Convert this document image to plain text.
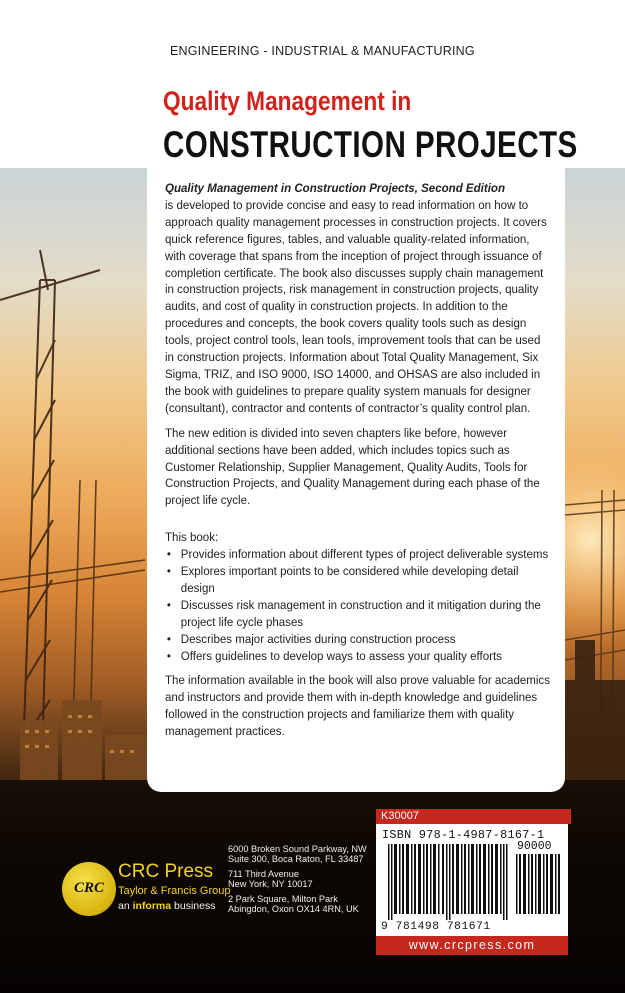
ENGINEERING - INDUSTRIAL & MANUFACTURING
Quality Management in
CONSTRUCTION PROJECTS
Quality Management in Construction Projects, Second Edition
is developed to provide concise and easy to read information on how to approach quality management processes in construction projects. It covers quick reference figures, tables, and valuable quality-related information, with coverage that spans from the inception of project through issuance of completion certificate. The book also discusses supply chain management in construction projects, risk management in construction projects, quality audits, and cost of quality in construction projects. In addition to the procedures and concepts, the book covers quality tools such as design tools, project control tools, lean tools, improvement tools that can be used in construction projects. Information about Total Quality Management, Six Sigma, TRIZ, and ISO 9000, ISO 14000, and OHSAS are also included in the book with guidelines to prepare quality system manuals for designer (consultant), contractor and contents of contractor’s quality control plan.
The new edition is divided into seven chapters like before, however additional sections have been added, which includes topics such as Customer Relationship, Supplier Management, Quality Audits, Tools for Construction Projects, and Quality Management during each phase of the project life cycle.
This book:
• Provides information about different types of project deliverable systems
• Explores important points to be considered while developing detail design
• Discusses risk management in construction and it mitigation during the project life cycle phases
• Describes major activities during construction process
• Offers guidelines to develop ways to assess your quality efforts
The information available in the book will also prove valuable for academics and instructors and provide them with in-depth knowledge and guidelines followed in the construction projects and familiarize them with quality management practices.
CRC
CRC Press
Taylor & Francis Group
an informa business
6000 Broken Sound Parkway, NW
Suite 300, Boca Raton, FL 33487
711 Third Avenue
New York, NY 10017
2 Park Square, Milton Park
Abingdon, Oxon OX14 4RN, UK
K30007
ISBN 978-1-4987-8167-1
90000
9 781498 781671
www.crcpress.com
